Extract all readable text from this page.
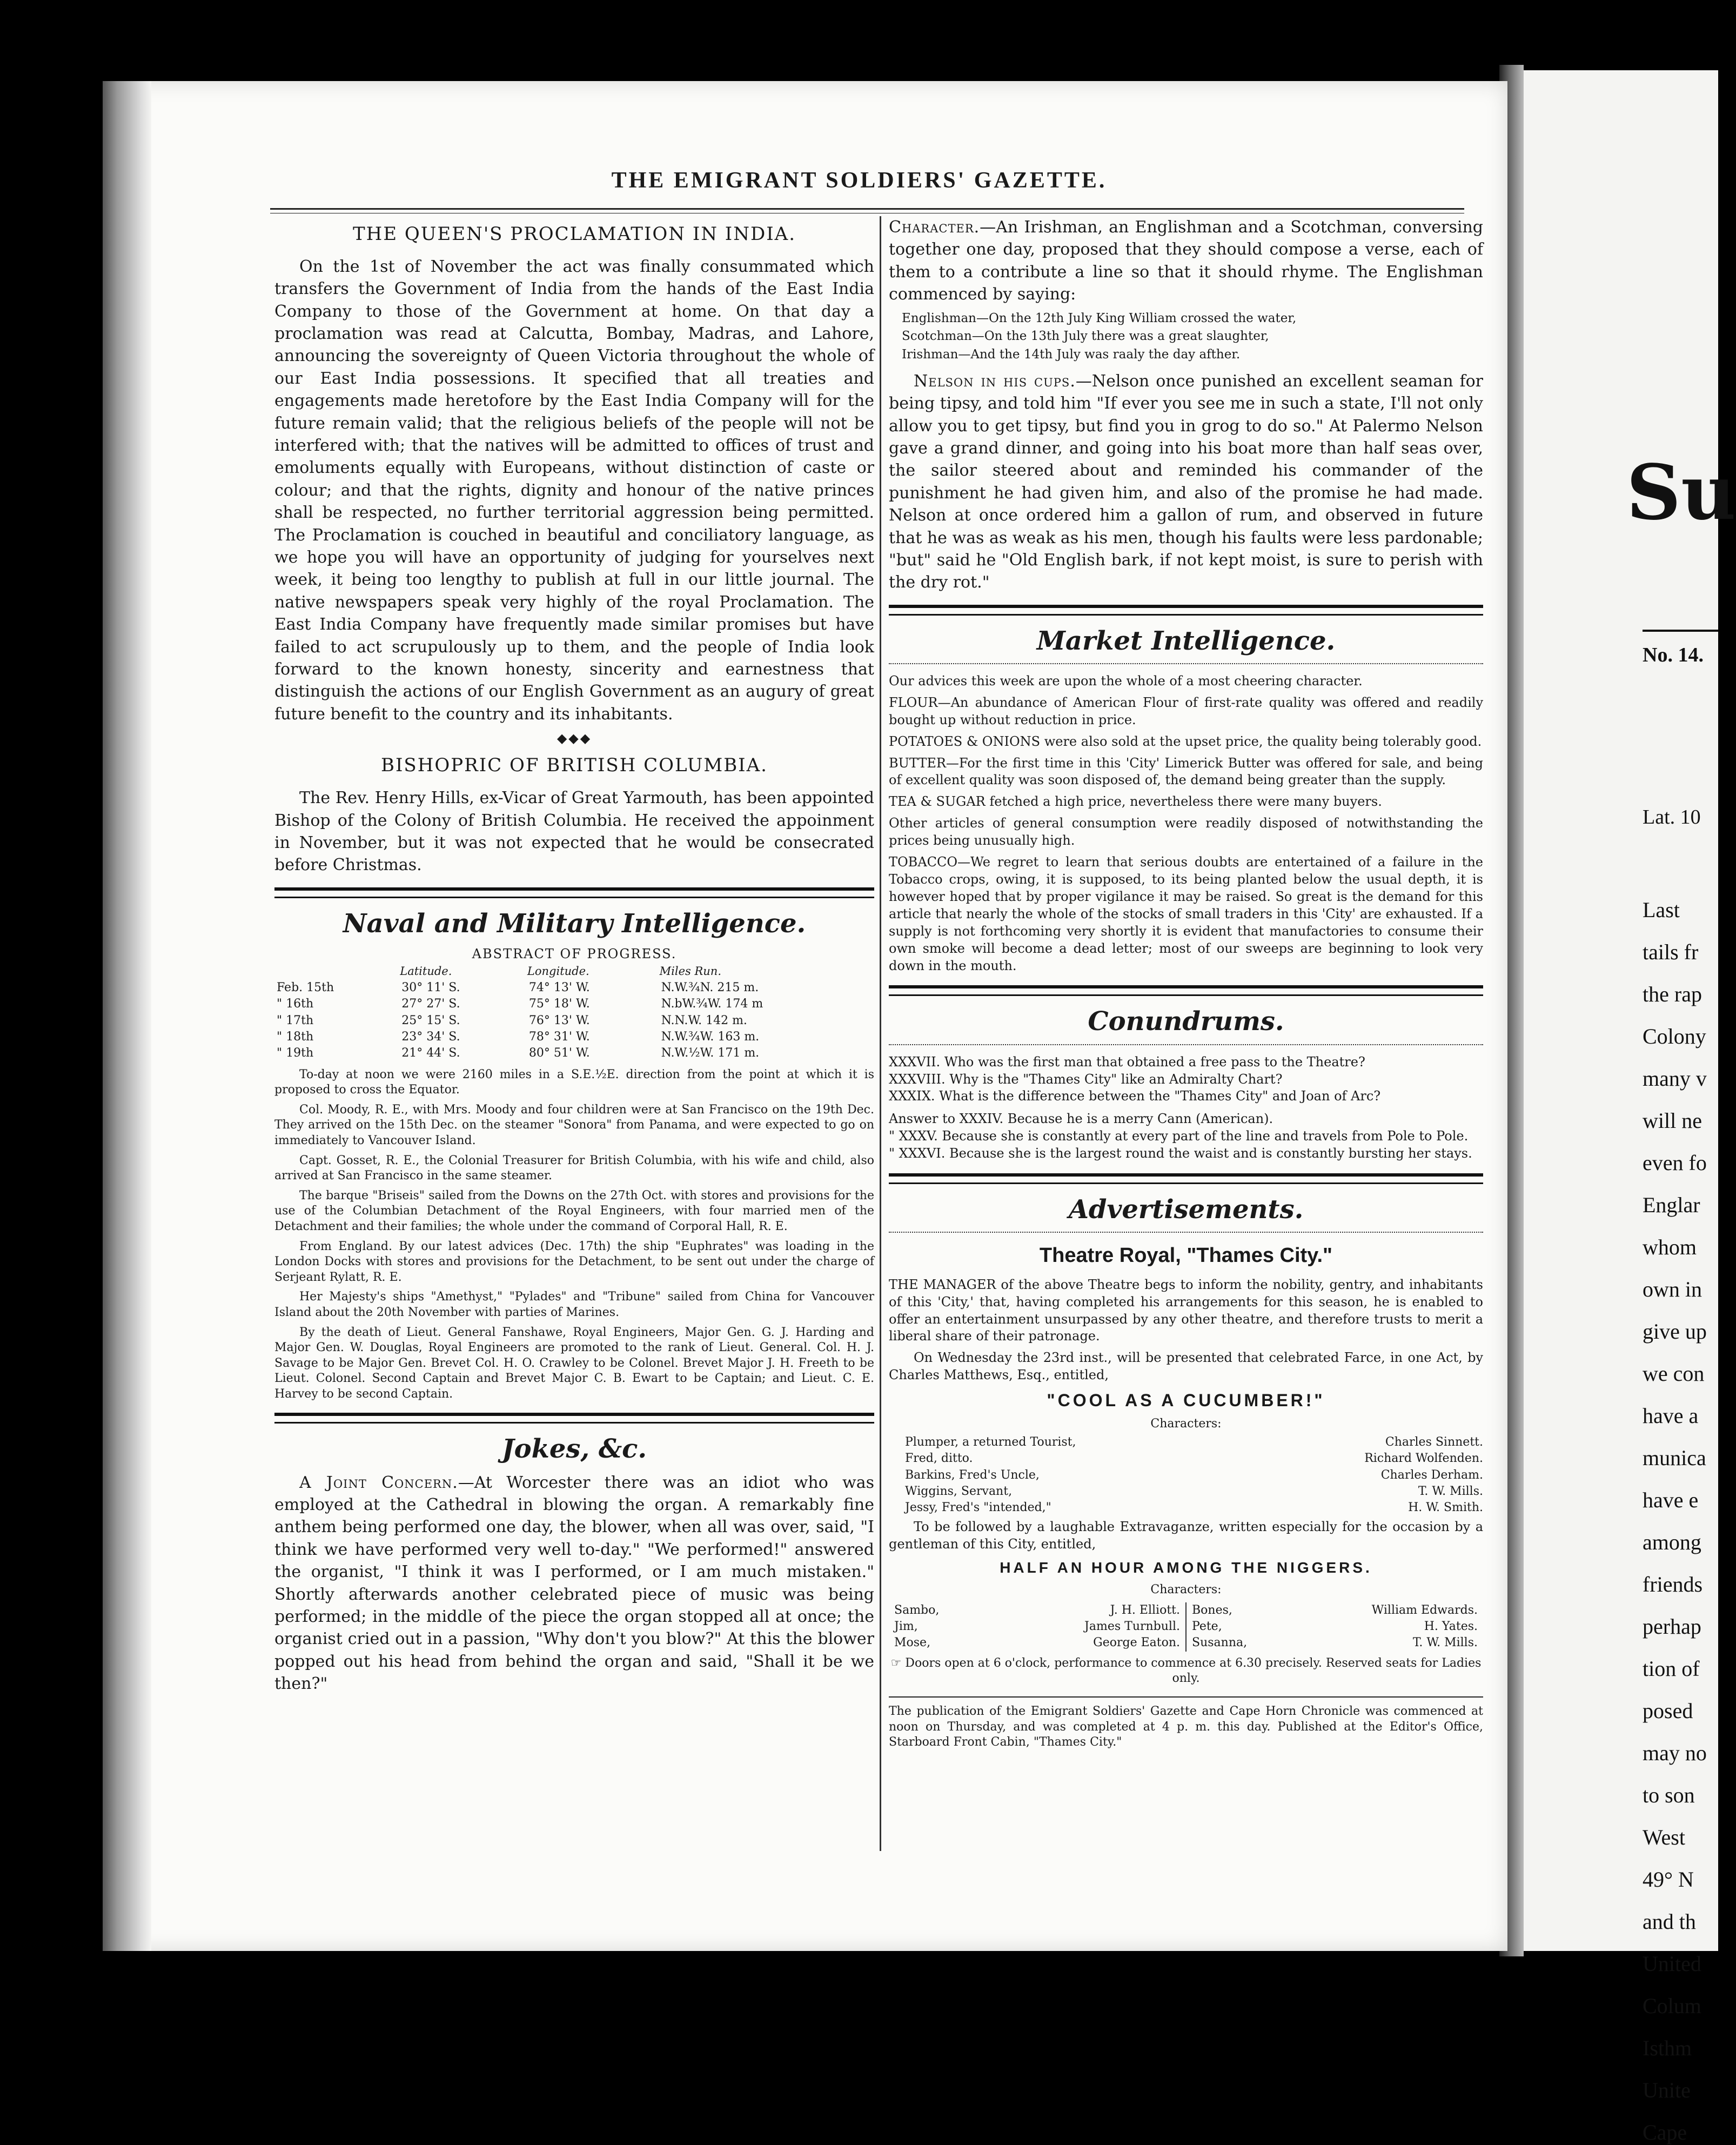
THE EMIGRANT SOLDIERS' GAZETTE.
THE QUEEN'S PROCLAMATION IN INDIA.

On the 1st of November the act was finally consummated which transfers the Government of India from the hands of the East India Company to those of the Government at home. On that day a proclamation was read at Calcutta, Bombay, Madras, and Lahore, announcing the sovereignty of Queen Victoria throughout the whole of our East India possessions. It specified that all treaties and engagements made heretofore by the East India Company will for the future remain valid; that the religious beliefs of the people will not be interfered with; that the natives will be admitted to offices of trust and emoluments equally with Europeans, without distinction of caste or colour; and that the rights, dignity and honour of the native princes shall be respected, no further territorial aggression being permitted. The Proclamation is couched in beautiful and conciliatory language, as we hope you will have an opportunity of judging for yourselves next week, it being too lengthy to publish at full in our little journal. The native newspapers speak very highly of the royal Proclamation. The East India Company have frequently made similar promises but have failed to act scrupulously up to them, and the people of India look forward to the known honesty, sincerity and earnestness that distinguish the actions of our English Government as an augury of great future benefit to the country and its inhabitants.

◆◆◆
BISHOPRIC OF BRITISH COLUMBIA.

The Rev. Henry Hills, ex-Vicar of Great Yarmouth, has been appointed Bishop of the Colony of British Columbia. He received the appoinment in November, but it was not expected that he would be consecrated before Christmas.

Naval and Military Intelligence.
ABSTRACT OF PROGRESS.
	Latitude.	Longitude.	Miles Run.
Feb. 15th	30° 11' S.	74° 13' W.	N.W.¾N. 215 m.
" 16th	27° 27' S.	75° 18' W.	N.bW.¾W. 174 m
" 17th	25° 15' S.	76° 13' W.	N.N.W. 142 m.
" 18th	23° 34' S.	78° 31' W.	N.W.¾W. 163 m.
" 19th	21° 44' S.	80° 51' W.	N.W.½W. 171 m.

To-day at noon we were 2160 miles in a S.E.½E. direction from the point at which it is proposed to cross the Equator.

Col. Moody, R. E., with Mrs. Moody and four children were at San Francisco on the 19th Dec. They arrived on the 15th Dec. on the steamer "Sonora" from Panama, and were expected to go on immediately to Vancouver Island.

Capt. Gosset, R. E., the Colonial Treasurer for British Columbia, with his wife and child, also arrived at San Francisco in the same steamer.

The barque "Briseis" sailed from the Downs on the 27th Oct. with stores and provisions for the use of the Columbian Detachment of the Royal Engineers, with four married men of the Detachment and their families; the whole under the command of Corporal Hall, R. E.

From England. By our latest advices (Dec. 17th) the ship "Euphrates" was loading in the London Docks with stores and provisions for the Detachment, to be sent out under the charge of Serjeant Rylatt, R. E.

Her Majesty's ships "Amethyst," "Pylades" and "Tribune" sailed from China for Vancouver Island about the 20th November with parties of Marines.

By the death of Lieut. General Fanshawe, Royal Engineers, Major Gen. G. J. Harding and Major Gen. W. Douglas, Royal Engineers are promoted to the rank of Lieut. General. Col. H. J. Savage to be Major Gen. Brevet Col. H. O. Crawley to be Colonel. Brevet Major J. H. Freeth to be Lieut. Colonel. Second Captain and Brevet Major C. B. Ewart to be Captain; and Lieut. C. E. Harvey to be second Captain.

Jokes, &c.

A Joint Concern.—At Worcester there was an idiot who was employed at the Cathedral in blowing the organ. A remarkably fine anthem being performed one day, the blower, when all was over, said, "I think we have performed very well to-day." "We performed!" answered the organist, "I think it was I performed, or I am much mistaken." Shortly afterwards another celebrated piece of music was being performed; in the middle of the piece the organ stopped all at once; the organist cried out in a passion, "Why don't you blow?" At this the blower popped out his head from behind the organ and said, "Shall it be we then?"

Character.—An Irishman, an Englishman and a Scotchman, conversing together one day, proposed that they should compose a verse, each of them to a contribute a line so that it should rhyme. The Englishman commenced by saying:

Englishman—On the 12th July King William crossed the water,
Scotchman—On the 13th July there was a great slaughter,
Irishman—And the 14th July was raaly the day afther.

Nelson in his cups.—Nelson once punished an excellent seaman for being tipsy, and told him "If ever you see me in such a state, I'll not only allow you to get tipsy, but find you in grog to do so." At Palermo Nelson gave a grand dinner, and going into his boat more than half seas over, the sailor steered about and reminded his commander of the punishment he had given him, and also of the promise he had made. Nelson at once ordered him a gallon of rum, and observed in future that he was as weak as his men, though his faults were less pardonable; "but" said he "Old English bark, if not kept moist, is sure to perish with the dry rot."

Market Intelligence.

Our advices this week are upon the whole of a most cheering character.

FLOUR—An abundance of American Flour of first-rate quality was offered and readily bought up without reduction in price.

POTATOES & ONIONS were also sold at the upset price, the quality being tolerably good.

BUTTER—For the first time in this 'City' Limerick Butter was offered for sale, and being of excellent quality was soon disposed of, the demand being greater than the supply.

TEA & SUGAR fetched a high price, nevertheless there were many buyers.

Other articles of general consumption were readily disposed of notwithstanding the prices being unusually high.

TOBACCO—We regret to learn that serious doubts are entertained of a failure in the Tobacco crops, owing, it is supposed, to its being planted below the usual depth, it is however hoped that by proper vigilance it may be raised. So great is the demand for this article that nearly the whole of the stocks of small traders in this 'City' are exhausted. If a supply is not forthcoming very shortly it is evident that manufactories to consume their own smoke will become a dead letter; most of our sweeps are beginning to look very down in the mouth.

Conundrums.
XXXVII. Who was the first man that obtained a free pass to the Theatre?
XXXVIII. Why is the "Thames City" like an Admiralty Chart?
XXXIX. What is the difference between the "Thames City" and Joan of Arc?
Answer to XXXIV. Because he is a merry Cann (American).
" XXXV. Because she is constantly at every part of the line and travels from Pole to Pole.
" XXXVI. Because she is the largest round the waist and is constantly bursting her stays.
Advertisements.
Theatre Royal, "Thames City."

THE MANAGER of the above Theatre begs to inform the nobility, gentry, and inhabitants of this 'City,' that, having completed his arrangements for this season, he is enabled to offer an entertainment unsurpassed by any other theatre, and therefore trusts to merit a liberal share of their patronage.

On Wednesday the 23rd inst., will be presented that celebrated Farce, in one Act, by Charles Matthews, Esq., entitled,

"COOL AS A CUCUMBER!"
Characters:
Plumper, a returned Tourist,	Charles Sinnett.
Fred, ditto.	Richard Wolfenden.
Barkins, Fred's Uncle,	Charles Derham.
Wiggins, Servant,	T. W. Mills.
Jessy, Fred's "intended,"	H. W. Smith.

To be followed by a laughable Extravaganze, written especially for the occasion by a gentleman of this City, entitled,

HALF AN HOUR AMONG THE NIGGERS.
Characters:
Sambo,	J. H. Elliott.
Jim,	James Turnbull.
Mose,	George Eaton.
Bones,	William Edwards.
Pete,	H. Yates.
Susanna,	T. W. Mills.

☞ Doors open at 6 o'clock, performance to commence at 6.30 precisely. Reserved seats for Ladies only.

The publication of the Emigrant Soldiers' Gazette and Cape Horn Chronicle was commenced at noon on Thursday, and was completed at 4 p. m. this day. Published at the Editor's Office, Starboard Front Cabin, "Thames City."

Su
No. 14.
Lat. 10
Last
tails fr
the rap
Colony
many v
will ne
even fo
Englar
whom
own in
give up
we con
have a
munica
have e
among
friends
perhap
tion of
posed
may no
to son
West
49° N
and th
United
Colum
Isthm
Unite
Cape
